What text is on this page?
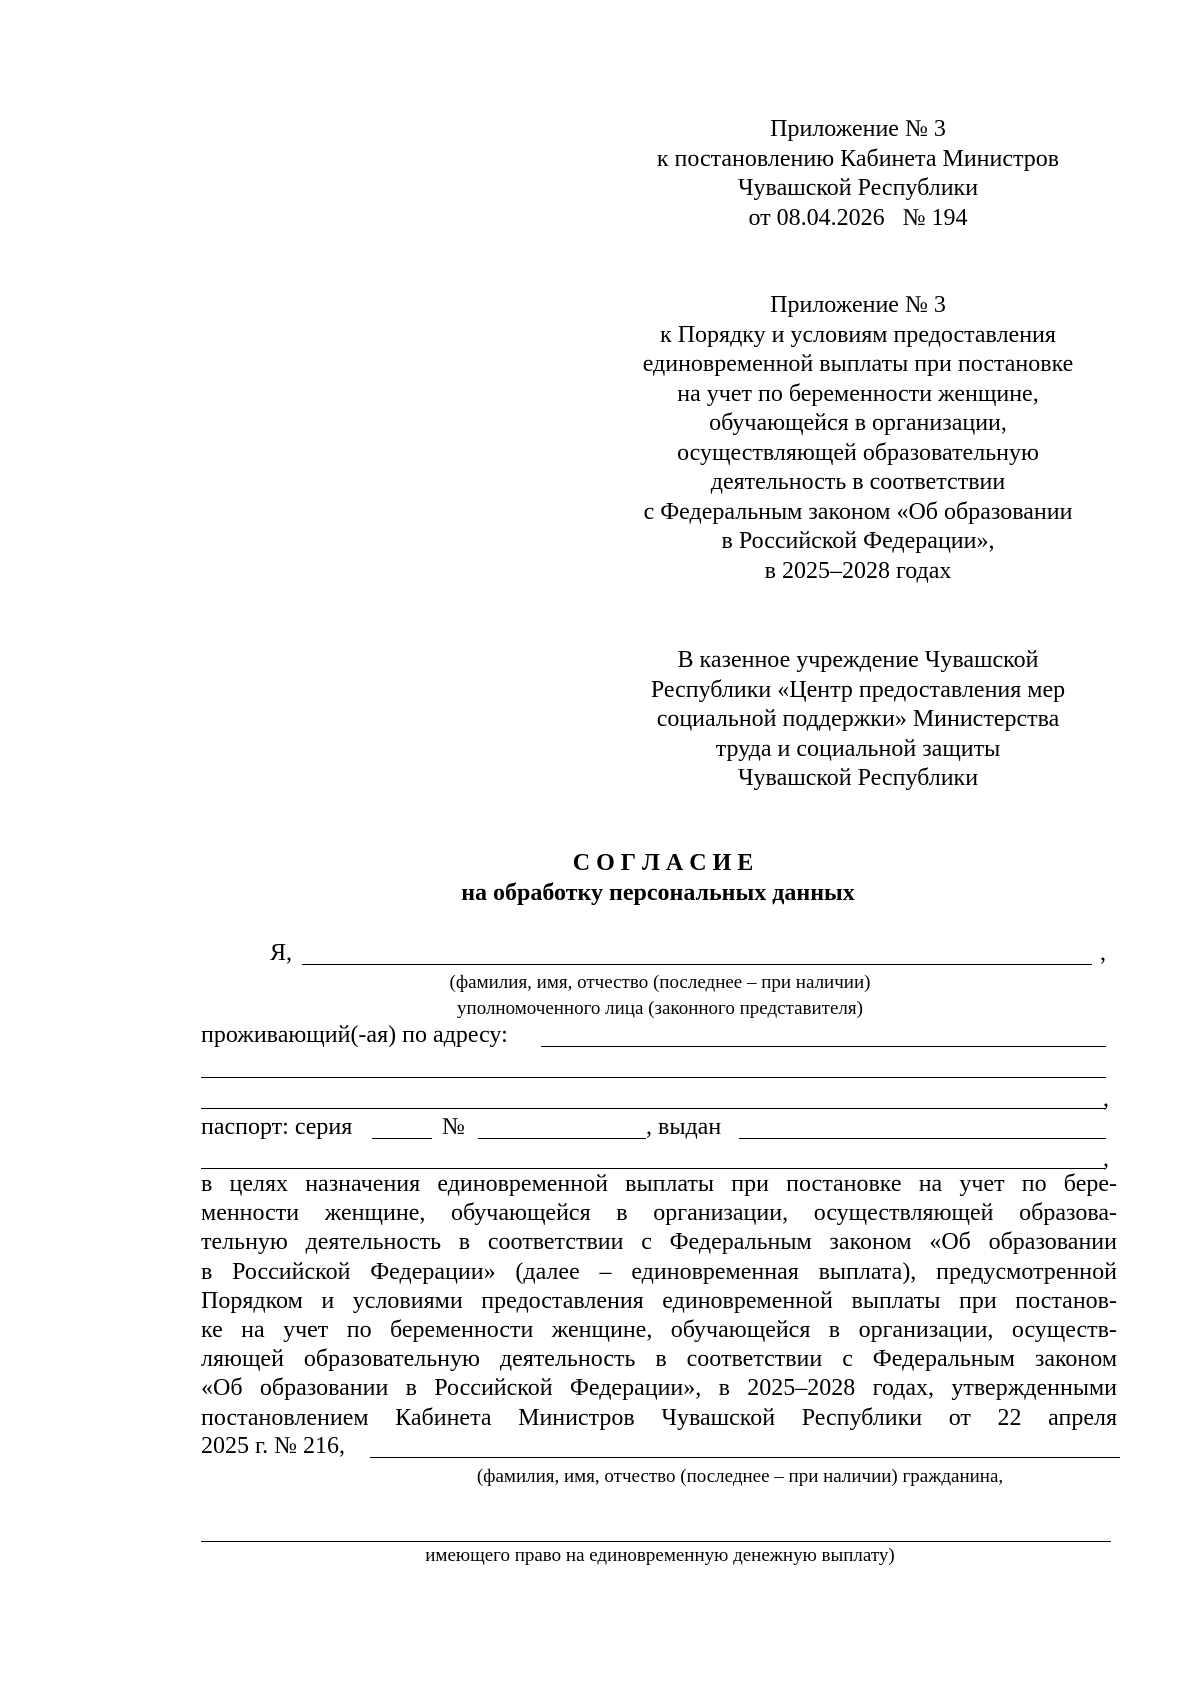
Приложение № 3
к постановлению Кабинета Министров
Чувашской Республики
от 08.04.2026   № 194
Приложение № 3
к Порядку и условиям предоставления
единовременной выплаты при постановке
на учет по беременности женщине,
обучающейся в организации,
осуществляющей образовательную
деятельность в соответствии
с Федеральным законом «Об образовании
в Российской Федерации»,
в 2025–2028 годах
В казенное учреждение Чувашской
Республики «Центр предоставления мер
социальной поддержки» Министерства
труда и социальной защиты
Чувашской Республики
С О Г Л А С И Е
на обработку персональных данных
Я,	,
(фамилия, имя, отчество (последнее – при наличии)
уполномоченного лица (законного представителя)
проживающий(-ая) по адресу:
,
паспорт: серия	№	, выдан
,
в целях назначения единовременной выплаты при постановке на учет по бере-
менности женщине, обучающейся в организации, осуществляющей образова-
тельную деятельность в соответствии с Федеральным законом «Об образовании
в Российской Федерации» (далее – единовременная выплата), предусмотренной
Порядком и условиями предоставления единовременной выплаты при постанов-
ке на учет по беременности женщине, обучающейся в организации, осуществ-
ляющей образовательную деятельность в соответствии с Федеральным законом
«Об образовании в Российской Федерации», в 2025–2028 годах, утвержденными
постановлением Кабинета Министров Чувашской Республики от 22 апреля
2025 г. № 216,
(фамилия, имя, отчество (последнее – при наличии) гражданина,
имеющего право на единовременную денежную выплату)
